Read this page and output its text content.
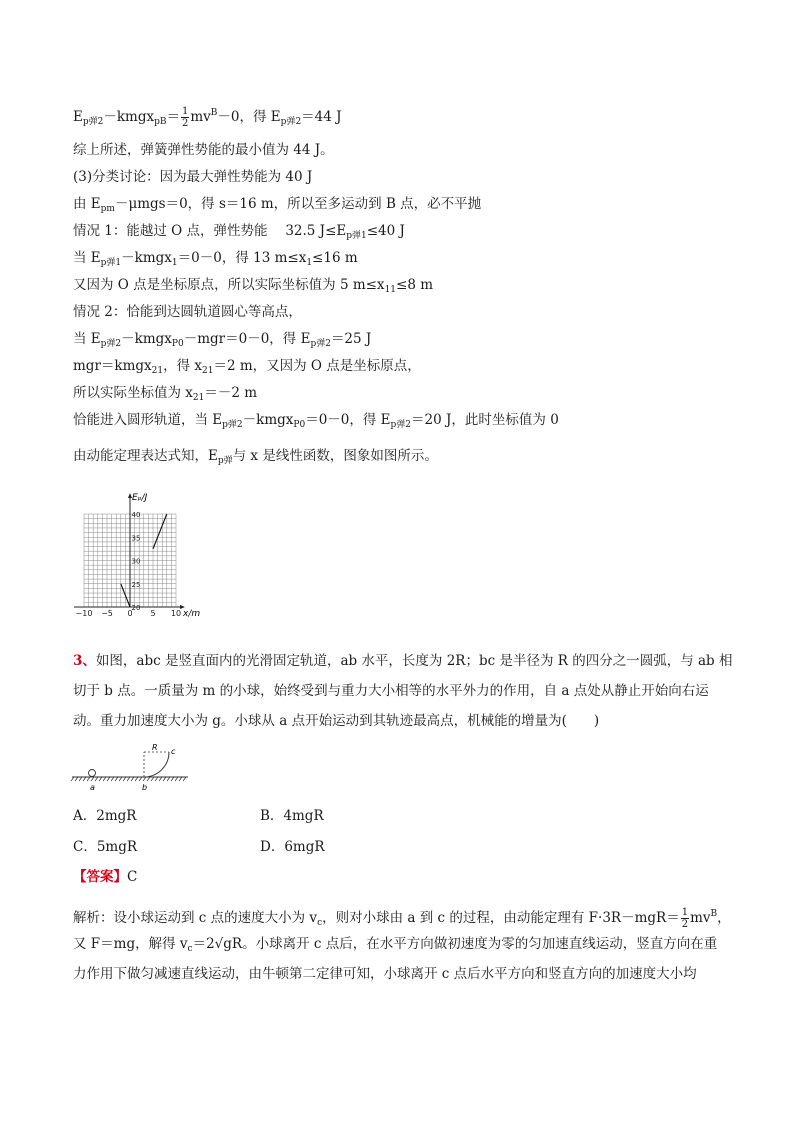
$E_{p弹2}-kmgx_{pB}= \frac{1}{2} mv^B-0$，得 $E_{p弹2}=44$ J
综上所述，弹簧弹性势能的最小值为 44 J。
(3)分类讨论：因为最大弹性势能为 40 J
由 $E_{pm}-\mu mgs=0$，得 s＝16 m，所以至多运动到 B 点，必不平抛
情况 1：能越过 O 点，弹性势能　 32.5 $J\le E_{p弹1}\le 40$ J
当 $E_{p弹1}-kmgx_1=0-0$，得 13 $m\le x_1\le 16$ m
又因为 O 点是坐标原点，所以实际坐标值为 5 $m\le x_{11}\le 8$ m
情况 2：恰能到达圆轨道圆心等高点，
当 $E_{p弹2}-kmgx_{P0}-mgr=0-0$，得 $E_{p弹2}=25$ J
mgr＝kmgx$_{21}$，得 $x_{21}=2$ m，又因为 O 点是坐标原点，
所以实际坐标值为 $x_{21}=-2$ m
恰能进入圆形轨道，当 $E_{p弹2}-kmgx_{P0}=0-0$，得 $E_{p弹2}=20$ J，此时坐标值为 0
由动能定理表达式知，$E_{p弹}$与 x 是线性函数，图象如图所示。
20
25
30
35
40
−10 −5 0 5 10
Eₚ/J
x/m
3、如图，abc 是竖直面内的光滑固定轨道，ab 水平，长度为 2R；bc 是半径为 R 的四分之一圆弧，与 ab 相
切于 b 点。一质量为 m 的小球，始终受到与重力大小相等的水平外力的作用，自 a 点处从静止开始向右运
动。重力加速度大小为 g。小球从 a 点开始运动到其轨迹最高点，机械能的增量为(　　)
R c
a	b
A．2mgR	B．4mgR
C．5mgR	D．6mgR
【答案】C
解析：设小球运动到 c 点的速度大小为 $v_c$，则对小球由 a 到 c 的过程，由动能定理有 $F\cdot 3R-mgR= \frac{1}{2} mv^B$，
又 F＝mg，解得 $v_c=2√gR$。小球离开 c 点后，在水平方向做初速度为零的匀加速直线运动，竖直方向在重
力作用下做匀减速直线运动，由牛顿第二定律可知，小球离开 c 点后水平方向和竖直方向的加速度大小均
